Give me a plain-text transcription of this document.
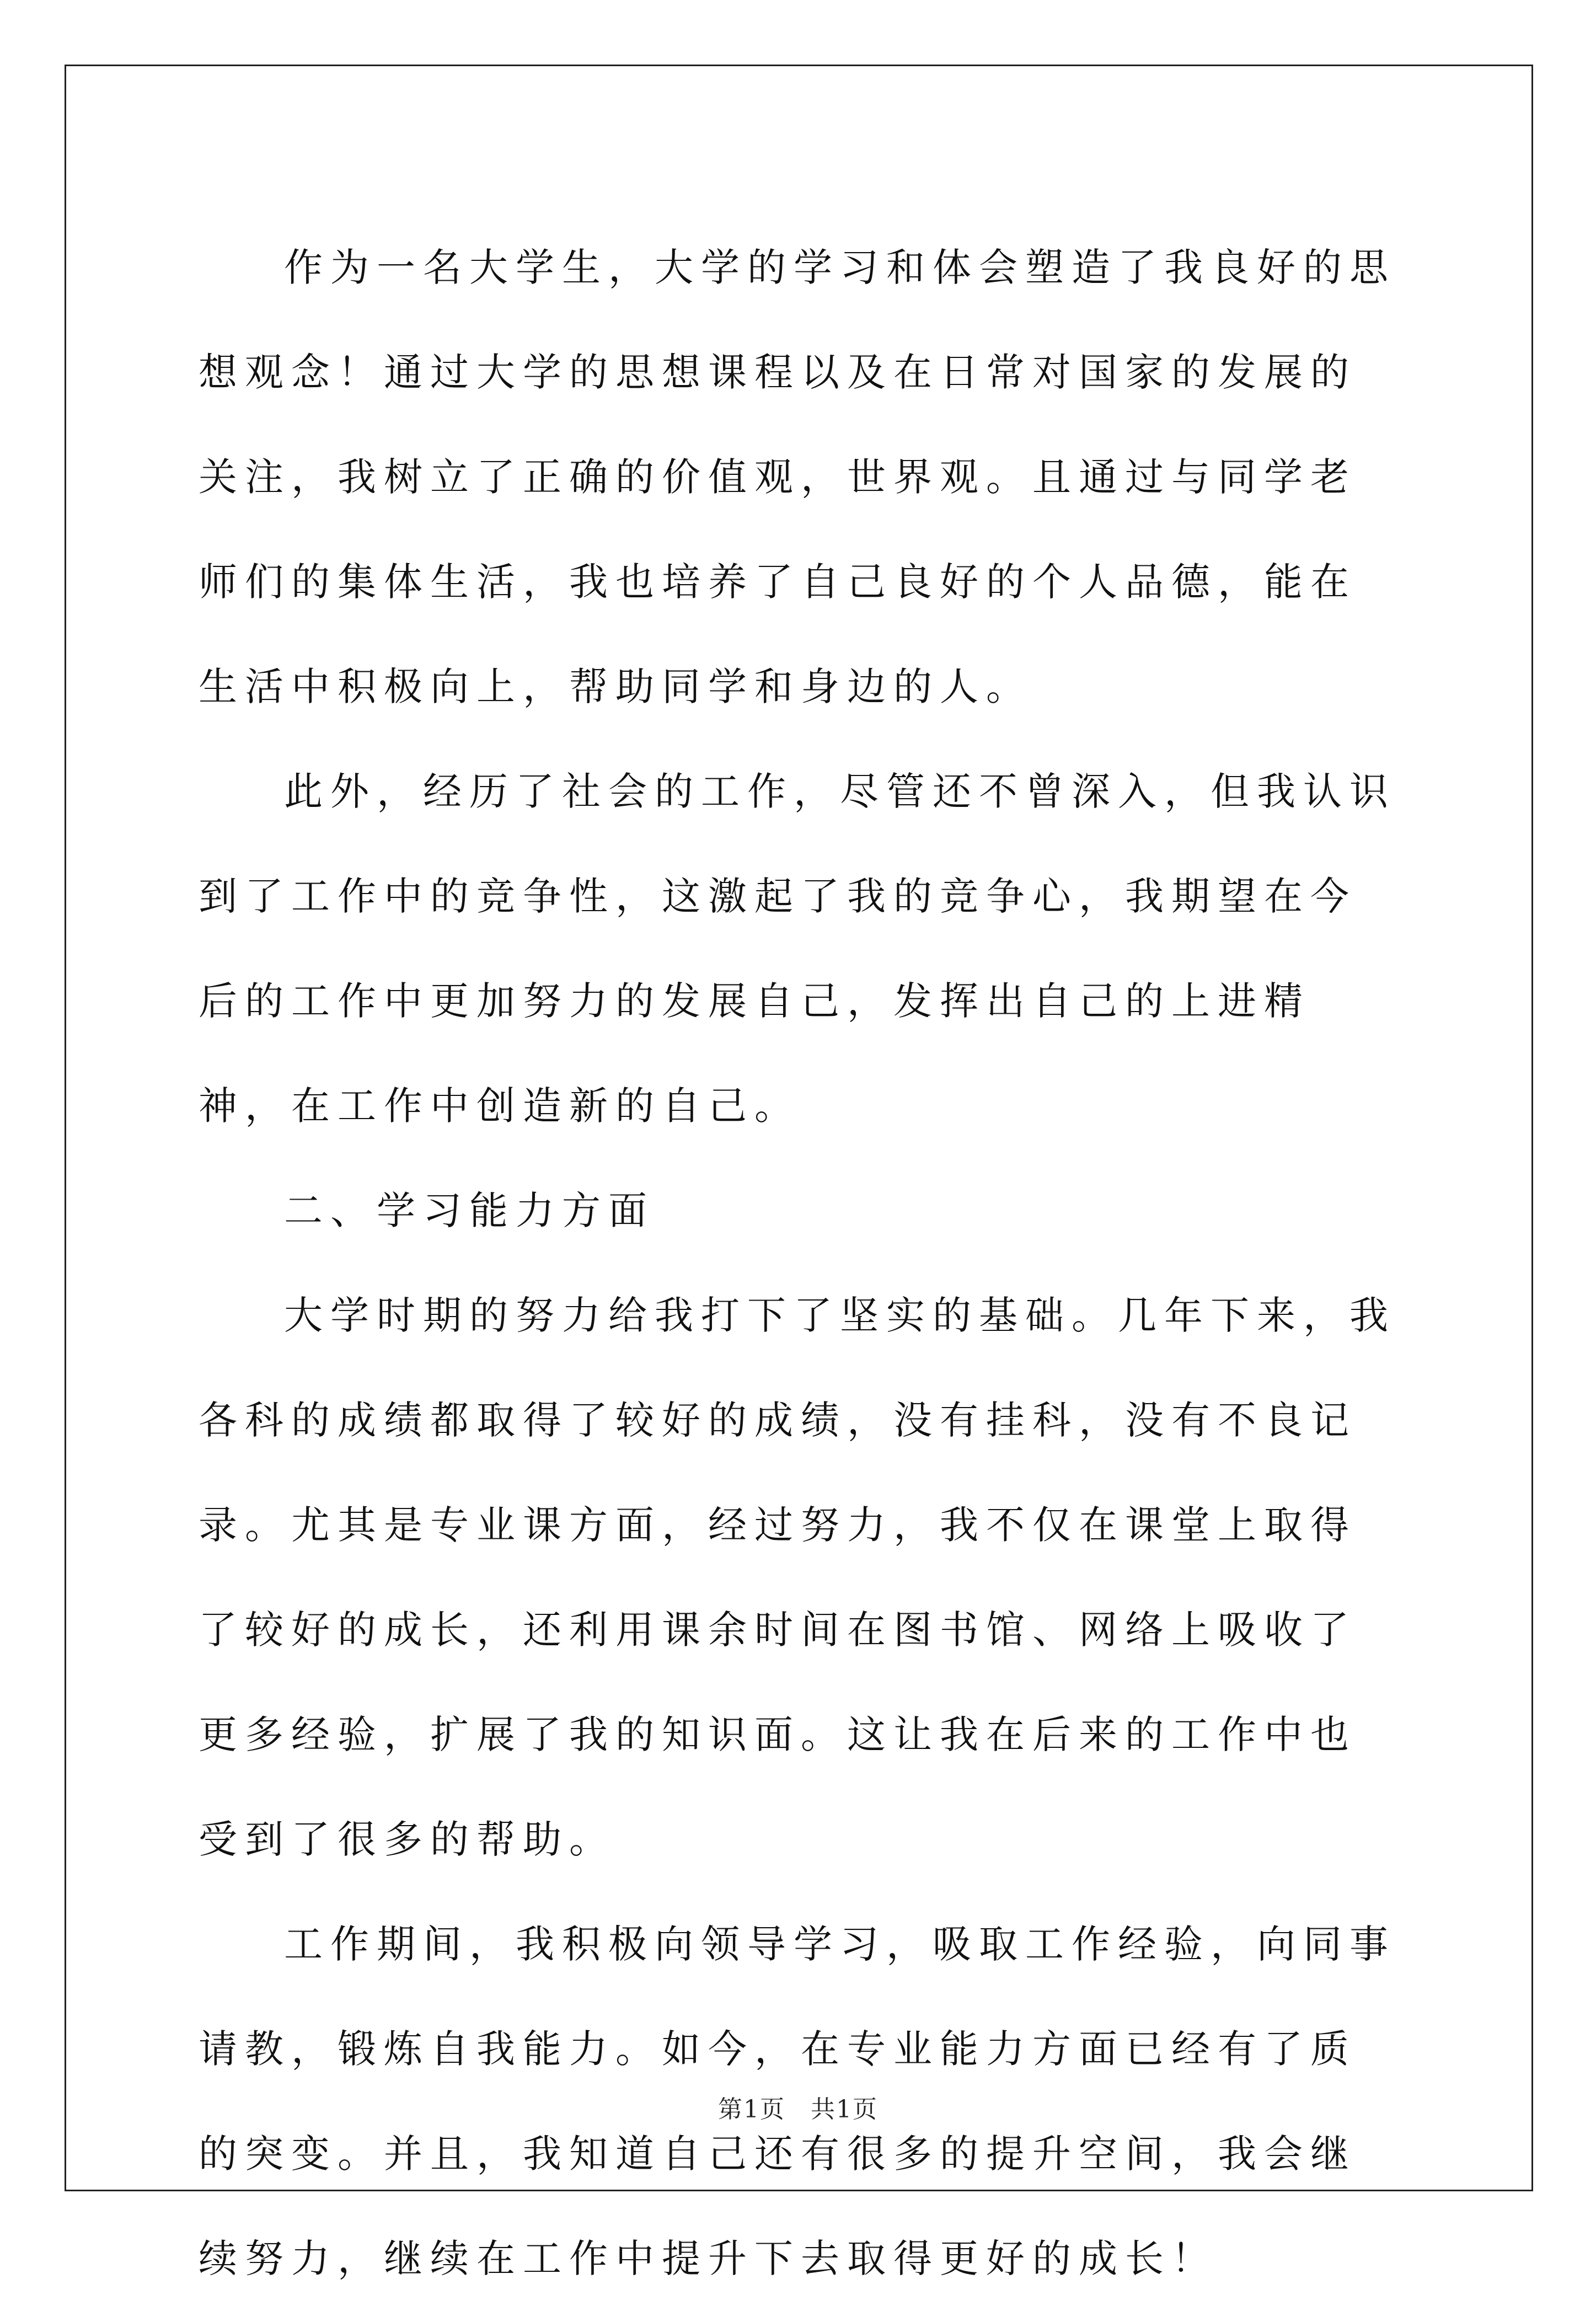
作为一名大学生，大学的学习和体会塑造了我良好的思想观念！通过大学的思想课程以及在日常对国家的发展的关注，我树立了正确的价值观，世界观。且通过与同学老师们的集体生活，我也培养了自己良好的个人品德，能在生活中积极向上，帮助同学和身边的人。

此外，经历了社会的工作，尽管还不曾深入，但我认识到了工作中的竞争性，这激起了我的竞争心，我期望在今后的工作中更加努力的发展自己，发挥出自己的上进精神，在工作中创造新的自己。

二、学习能力方面

大学时期的努力给我打下了坚实的基础。几年下来，我各科的成绩都取得了较好的成绩，没有挂科，没有不良记录。尤其是专业课方面，经过努力，我不仅在课堂上取得了较好的成长，还利用课余时间在图书馆、网络上吸收了更多经验，扩展了我的知识面。这让我在后来的工作中也受到了很多的帮助。

工作期间，我积极向领导学习，吸取工作经验，向同事请教，锻炼自我能力。如今，在专业能力方面已经有了质的突变。并且，我知道自己还有很多的提升空间，我会继续努力，继续在工作中提升下去取得更好的成长！

第1页　共1页
